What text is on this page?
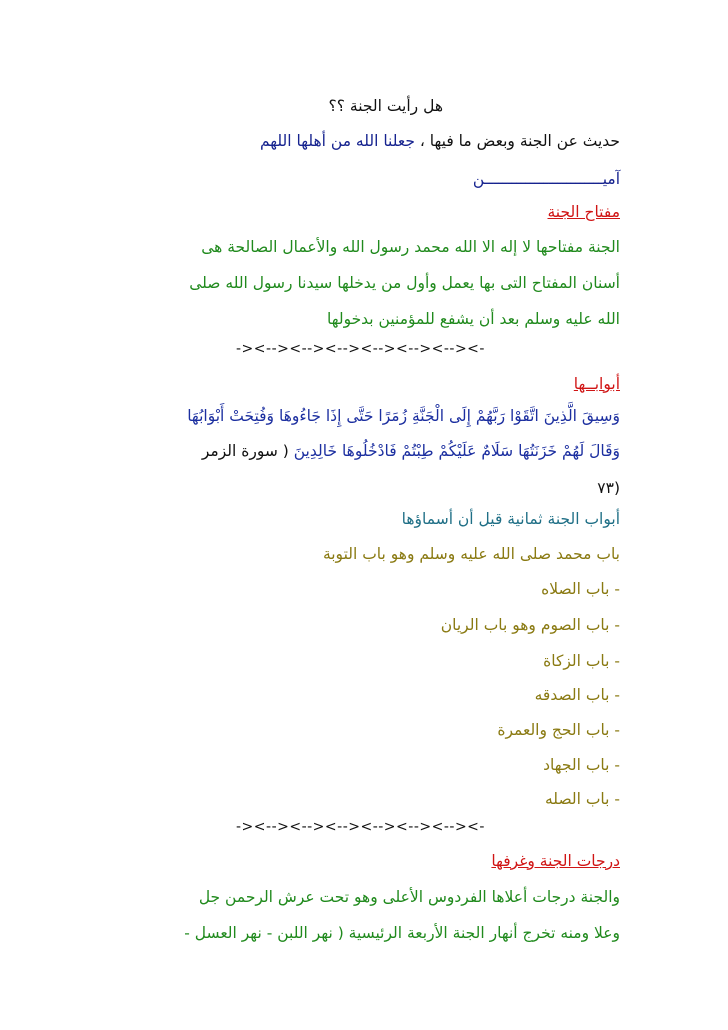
هل رأيت الجنة ؟؟
حديث عن الجنة وبعض ما فيها ، جعلنا الله من أهلها اللهم
آميــــــــــــــــــــــــــن
مفتاح الجنة
الجنة مفتاحها لا إله الا الله محمد رسول الله والأعمال الصالحة هى
أسنان المفتاح التى بها يعمل وأول من يدخلها سيدنا رسول الله صلى
الله عليه وسلم بعد أن يشفع للمؤمنين بدخولها
-><--><--><--><--><--><--><-
أبوابــها
وَسِيقَ الَّذِينَ اتَّقَوْا رَبَّهُمْ إِلَى الْجَنَّةِ زُمَرًا حَتَّى إِذَا جَاءُوهَا وَفُتِحَتْ أَبْوَابُهَا
وَقَالَ لَهُمْ خَزَنَتُهَا سَلَامٌ عَلَيْكُمْ طِبْتُمْ فَادْخُلُوهَا خَالِدِينَ ( سورة الزمر
(٧٣
أبواب الجنة ثمانية قيل أن أسماؤها
باب محمد صلى الله عليه وسلم وهو باب التوبة
- باب الصلاه
- باب الصوم وهو باب الريان
- باب الزكاة
- باب الصدقه
- باب الحج والعمرة
- باب الجهاد
- باب الصله
-><--><--><--><--><--><--><-
درجات الجنة وغرفها
والجنة درجات أعلاها الفردوس الأعلى وهو تحت عرش الرحمن جل
وعلا ومنه تخرج أنهار الجنة الأربعة الرئيسية ( نهر اللبن - نهر العسل -
